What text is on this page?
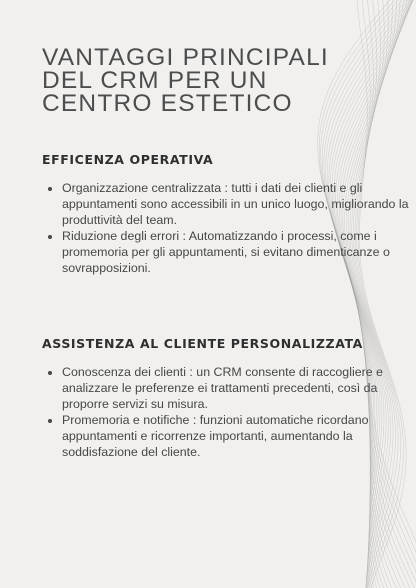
VANTAGGI PRINCIPALI DEL CRM PER UN CENTRO ESTETICO
EFFICENZA OPERATIVA
• Organizzazione centralizzata : tutti i dati dei clienti e gli appuntamenti sono accessibili in un unico luogo, migliorando la produttività del team.
• Riduzione degli errori : Automatizzando i processi, come i promemoria per gli appuntamenti, si evitano dimenticanze o sovrapposizioni.
ASSISTENZA AL CLIENTE PERSONALIZZATA
• Conoscenza dei clienti : un CRM consente di raccogliere e analizzare le preferenze ei trattamenti precedenti, così da proporre servizi su misura.
• Promemoria e notifiche : funzioni automatiche ricordano appuntamenti e ricorrenze importanti, aumentando la soddisfazione del cliente.
